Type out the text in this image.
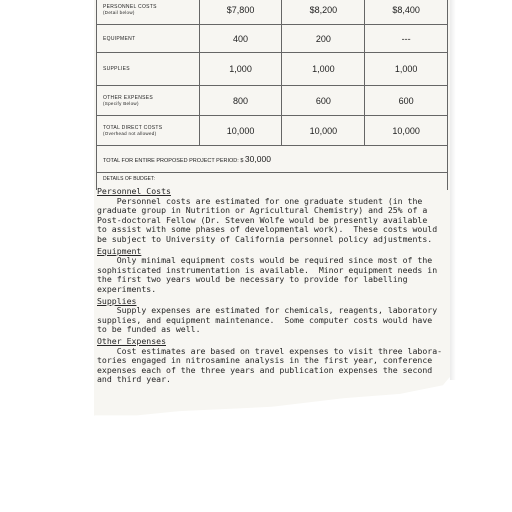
PERSONNEL COSTS
(Detail below)	$7,800	$8,200	$8,400
EQUIPMENT	400	200	---
SUPPLIES	1,000	1,000	1,000
OTHER EXPENSES
(Specify Below)	800	600	600
TOTAL DIRECT COSTS
(Overhead not allowed)	10,000	10,000	10,000
TOTAL FOR ENTIRE PROPOSED PROJECT PERIOD: $ 30,000			
DETAILS OF BUDGET:			
Personnel Costs
Personnel costs are estimated for one graduate student (in the
graduate group in Nutrition or Agricultural Chemistry) and 25% of a
Post-doctoral Fellow (Dr. Steven Wolfe would be presently available
to assist with some phases of developmental work).  These costs would
be subject to University of California personnel policy adjustments.
Equipment
Only minimal equipment costs would be required since most of the
sophisticated instrumentation is available.  Minor equipment needs in
the first two years would be necessary to provide for labelling
experiments.
Supplies
Supply expenses are estimated for chemicals, reagents, laboratory
supplies, and equipment maintenance.  Some computer costs would have
to be funded as well.
Other Expenses
Cost estimates are based on travel expenses to visit three labora-
tories engaged in nitrosamine analysis in the first year, conference
expenses each of the three years and publication expenses the second
and third year.
